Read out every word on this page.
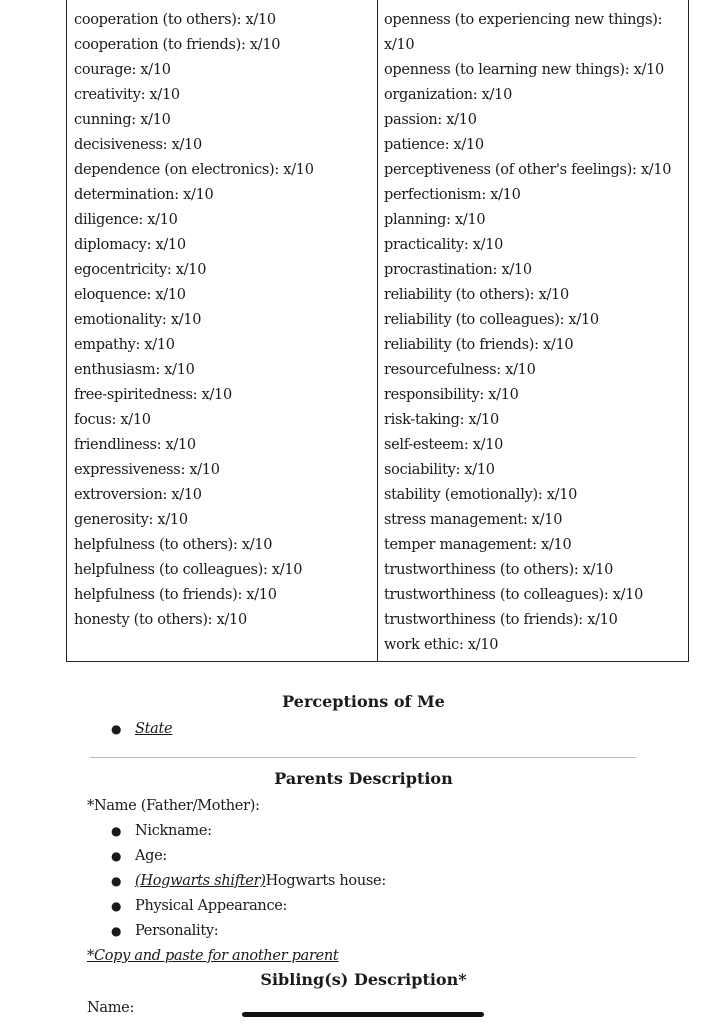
cooperation (to others): x/10
cooperation (to friends): x/10
courage: x/10
creativity: x/10
cunning: x/10
decisiveness: x/10
dependence (on electronics): x/10
determination: x/10
diligence: x/10
diplomacy: x/10
egocentricity: x/10
eloquence: x/10
emotionality: x/10
empathy: x/10
enthusiasm: x/10
free-spiritedness: x/10
focus: x/10
friendliness: x/10
expressiveness: x/10
extroversion: x/10
generosity: x/10
helpfulness (to others): x/10
helpfulness (to colleagues): x/10
helpfulness (to friends): x/10
honesty (to others): x/10
openness (to experiencing new things):
x/10
openness (to learning new things): x/10
organization: x/10
passion: x/10
patience: x/10
perceptiveness (of other's feelings): x/10
perfectionism: x/10
planning: x/10
practicality: x/10
procrastination: x/10
reliability (to others): x/10
reliability (to colleagues): x/10
reliability (to friends): x/10
resourcefulness: x/10
responsibility: x/10
risk-taking: x/10
self-esteem: x/10
sociability: x/10
stability (emotionally): x/10
stress management: x/10
temper management: x/10
trustworthiness (to others): x/10
trustworthiness (to colleagues): x/10
trustworthiness (to friends): x/10
work ethic: x/10
Perceptions of Me
● State
Parents Description
*Name (Father/Mother):
● Nickname:
● Age:
● (Hogwarts shifter)Hogwarts house:
● Physical Appearance:
● Personality:
*Copy and paste for another parent
Sibling(s) Description*
Name:
